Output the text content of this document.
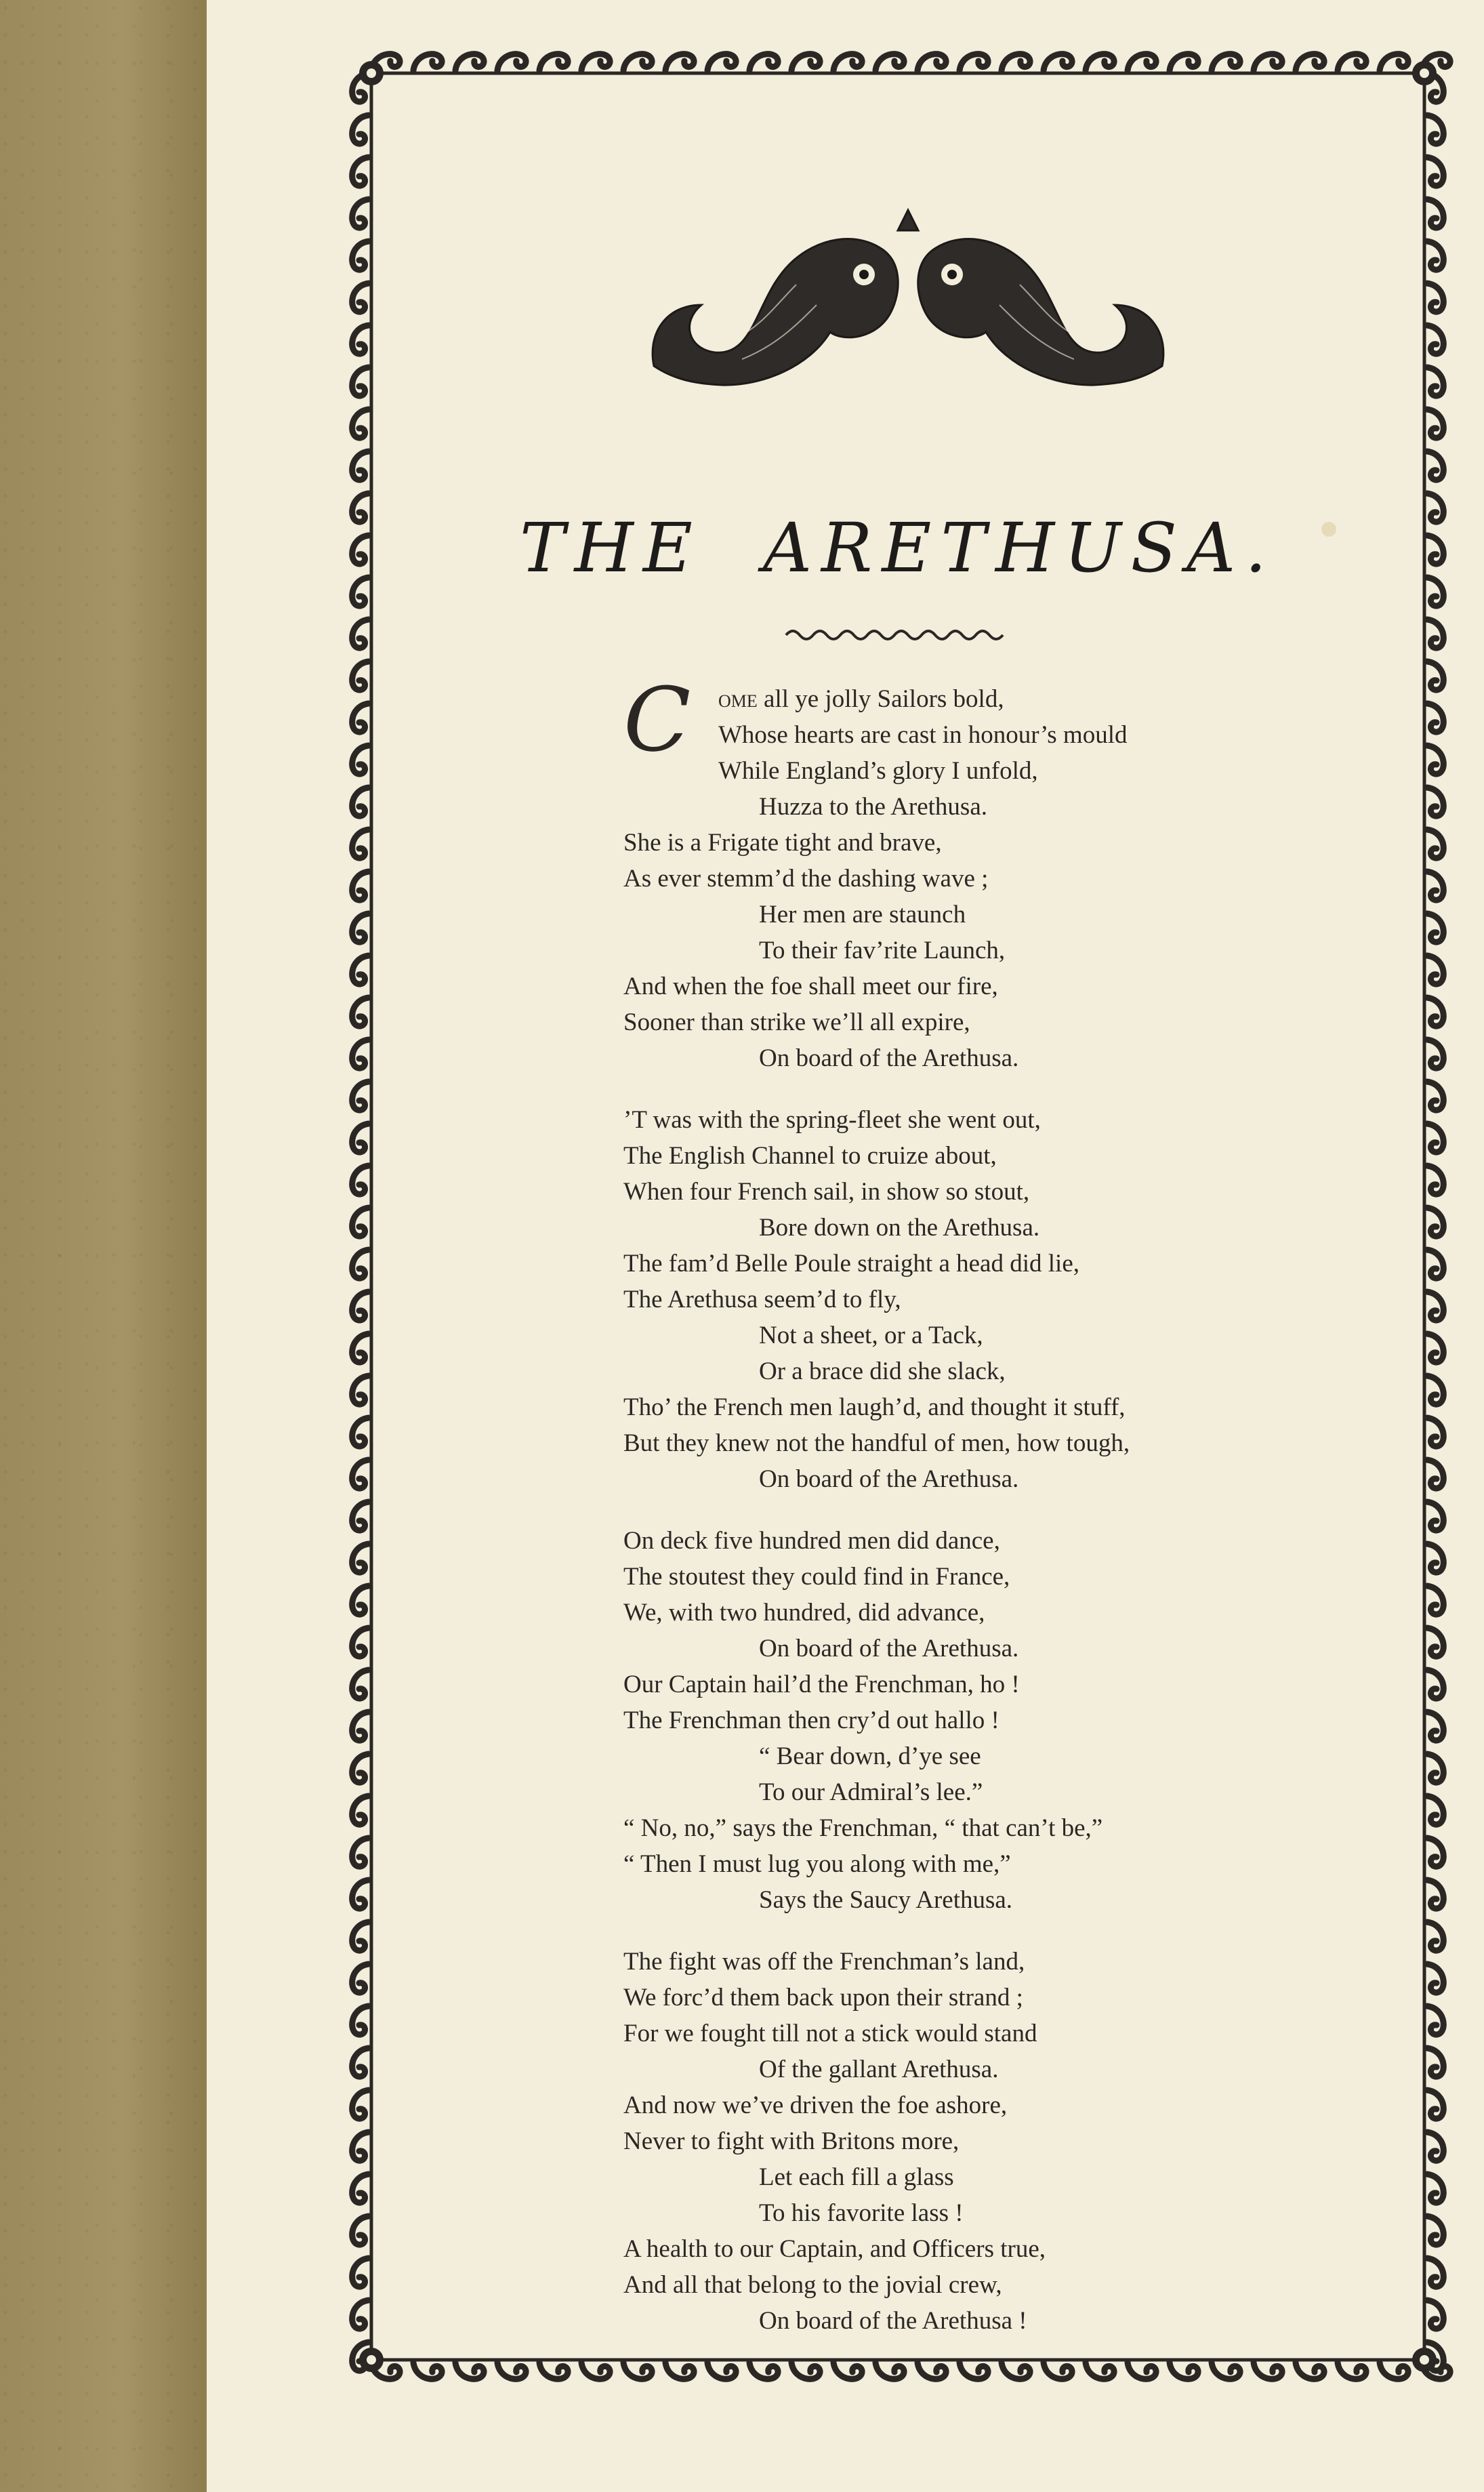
THE ARETHUSA.
C	ome all ye jolly Sailors bold,
Whose hearts are cast in honour’s mould
While England’s glory I unfold,
Huzza to the Arethusa.
She is a Frigate tight and brave,
As ever stemm’d the dashing wave ;
Her men are staunch
To their fav’rite Launch,
And when the foe shall meet our fire,
Sooner than strike we’ll all expire,
On board of the Arethusa.
’T was with the spring-fleet she went out,
The English Channel to cruize about,
When four French sail, in show so stout,
Bore down on the Arethusa.
The fam’d Belle Poule straight a head did lie,
The Arethusa seem’d to fly,
Not a sheet, or a Tack,
Or a brace did she slack,
Tho’ the French men laugh’d, and thought it stuff,
But they knew not the handful of men, how tough,
On board of the Arethusa.
On deck five hundred men did dance,
The stoutest they could find in France,
We, with two hundred, did advance,
On board of the Arethusa.
Our Captain hail’d the Frenchman, ho !
The Frenchman then cry’d out hallo !
“ Bear down, d’ye see
To our Admiral’s lee.”
“ No, no,” says the Frenchman, “ that can’t be,”
“ Then I must lug you along with me,”
Says the Saucy Arethusa.
The fight was off the Frenchman’s land,
We forc’d them back upon their strand ;
For we fought till not a stick would stand
Of the gallant Arethusa.
And now we’ve driven the foe ashore,
Never to fight with Britons more,
Let each fill a glass
To his favorite lass !
A health to our Captain, and Officers true,
And all that belong to the jovial crew,
On board of the Arethusa !
